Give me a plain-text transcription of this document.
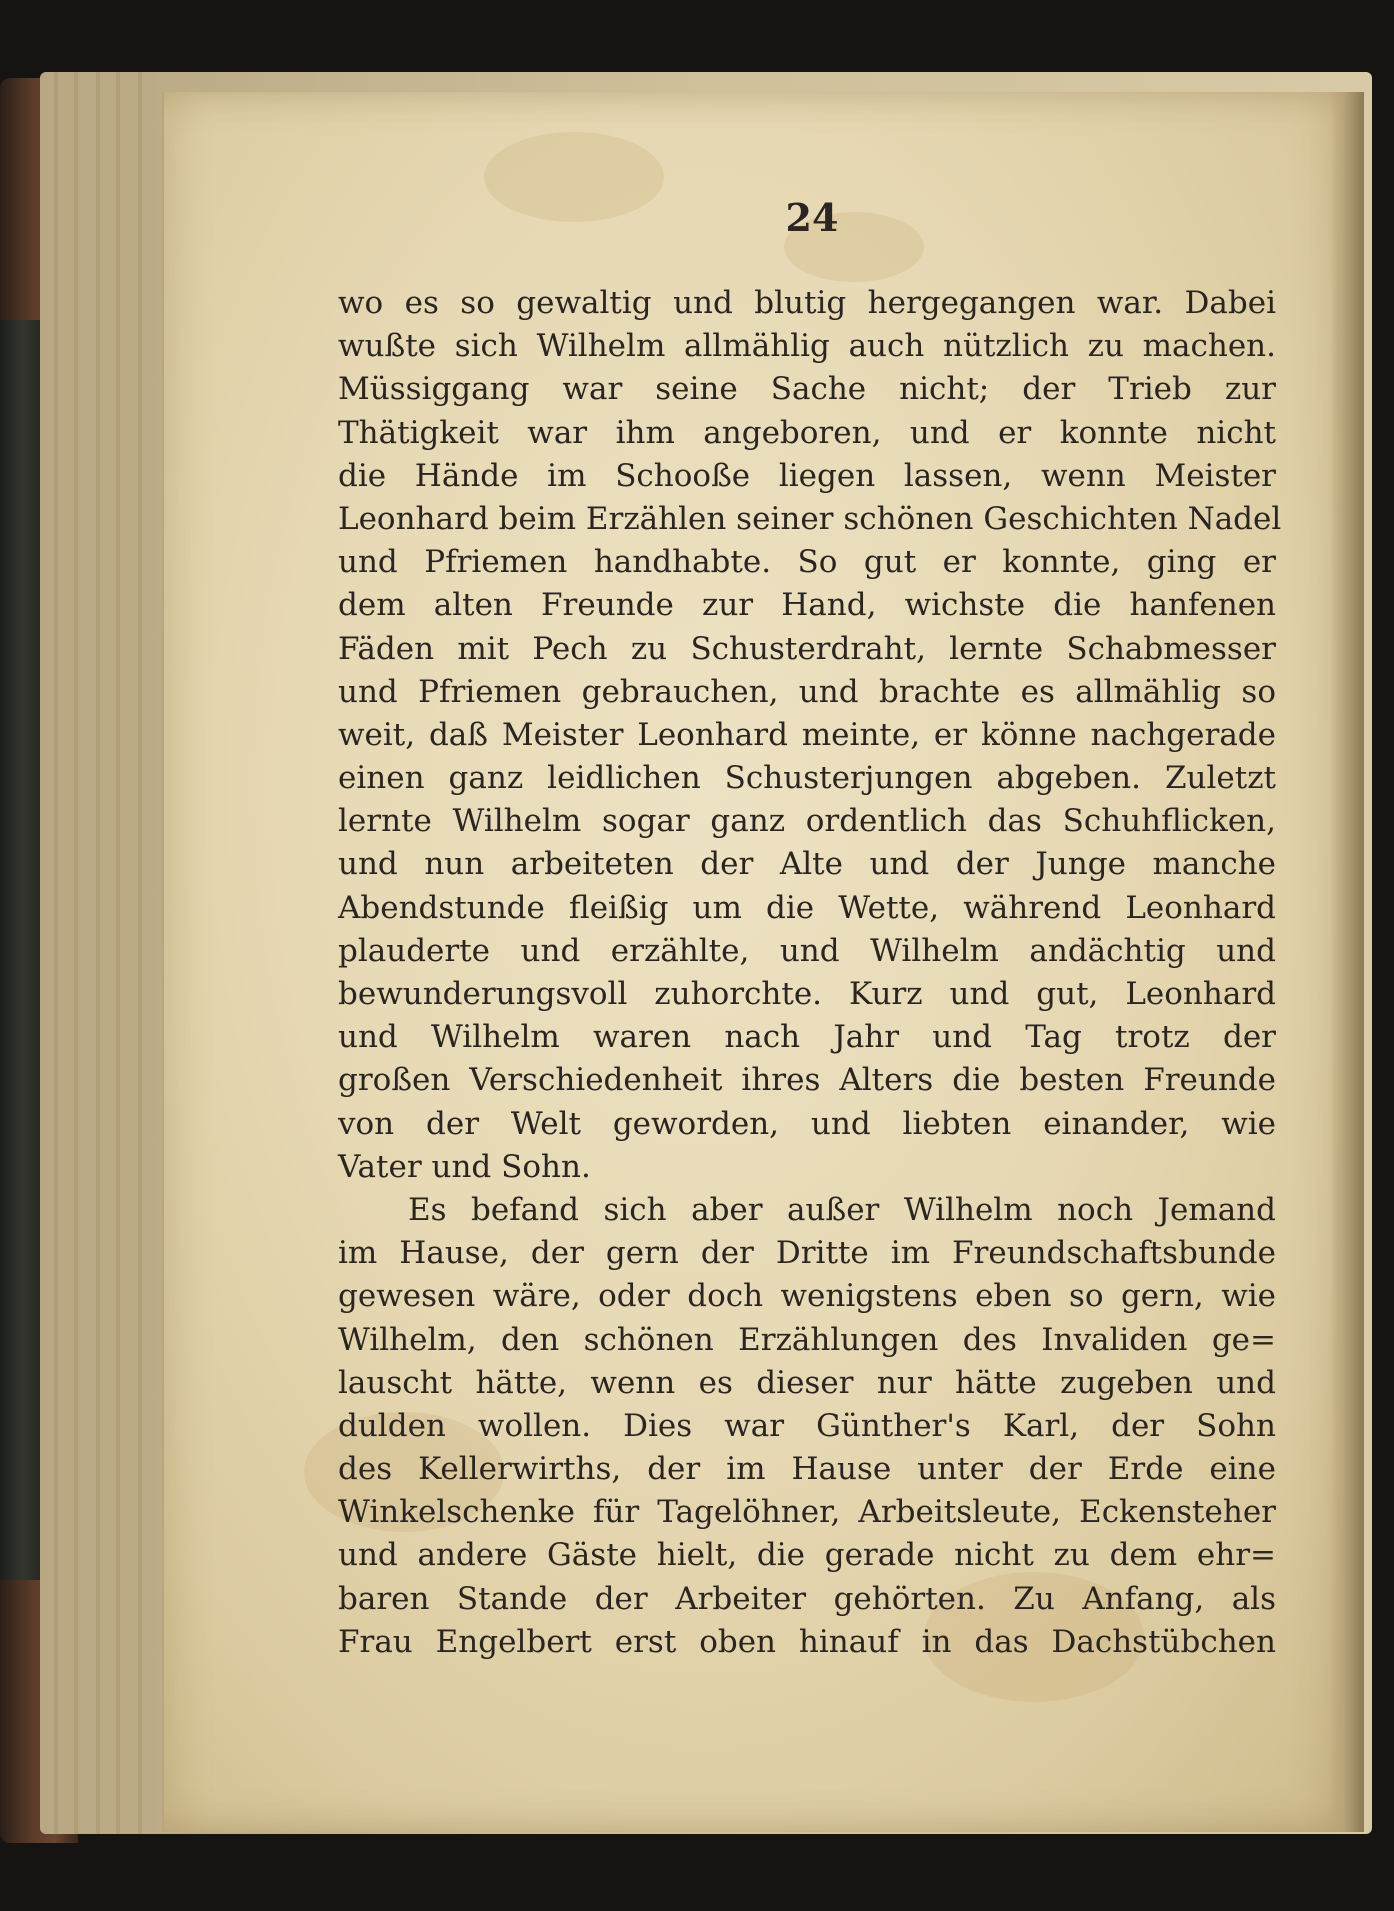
24
wo es so gewaltig und blutig hergegangen war. Dabei
wußte sich Wilhelm allmählig auch nützlich zu machen.
Müssiggang war seine Sache nicht; der Trieb zur
Thätigkeit war ihm angeboren, und er konnte nicht
die Hände im Schooße liegen lassen, wenn Meister
Leonhard beim Erzählen seiner schönen Geschichten Nadel
und Pfriemen handhabte. So gut er konnte, ging er
dem alten Freunde zur Hand, wichste die hanfenen
Fäden mit Pech zu Schusterdraht, lernte Schabmesser
und Pfriemen gebrauchen, und brachte es allmählig so
weit, daß Meister Leonhard meinte, er könne nachgerade
einen ganz leidlichen Schusterjungen abgeben. Zuletzt
lernte Wilhelm sogar ganz ordentlich das Schuhflicken,
und nun arbeiteten der Alte und der Junge manche
Abendstunde fleißig um die Wette, während Leonhard
plauderte und erzählte, und Wilhelm andächtig und
bewunderungsvoll zuhorchte. Kurz und gut, Leonhard
und Wilhelm waren nach Jahr und Tag trotz der
großen Verschiedenheit ihres Alters die besten Freunde
von der Welt geworden, und liebten einander, wie
Vater und Sohn.
Es befand sich aber außer Wilhelm noch Jemand
im Hause, der gern der Dritte im Freundschaftsbunde
gewesen wäre, oder doch wenigstens eben so gern, wie
Wilhelm, den schönen Erzählungen des Invaliden ge=
lauscht hätte, wenn es dieser nur hätte zugeben und
dulden wollen. Dies war Günther's Karl, der Sohn
des Kellerwirths, der im Hause unter der Erde eine
Winkelschenke für Tagelöhner, Arbeitsleute, Eckensteher
und andere Gäste hielt, die gerade nicht zu dem ehr=
baren Stande der Arbeiter gehörten. Zu Anfang, als
Frau Engelbert erst oben hinauf in das Dachstübchen
